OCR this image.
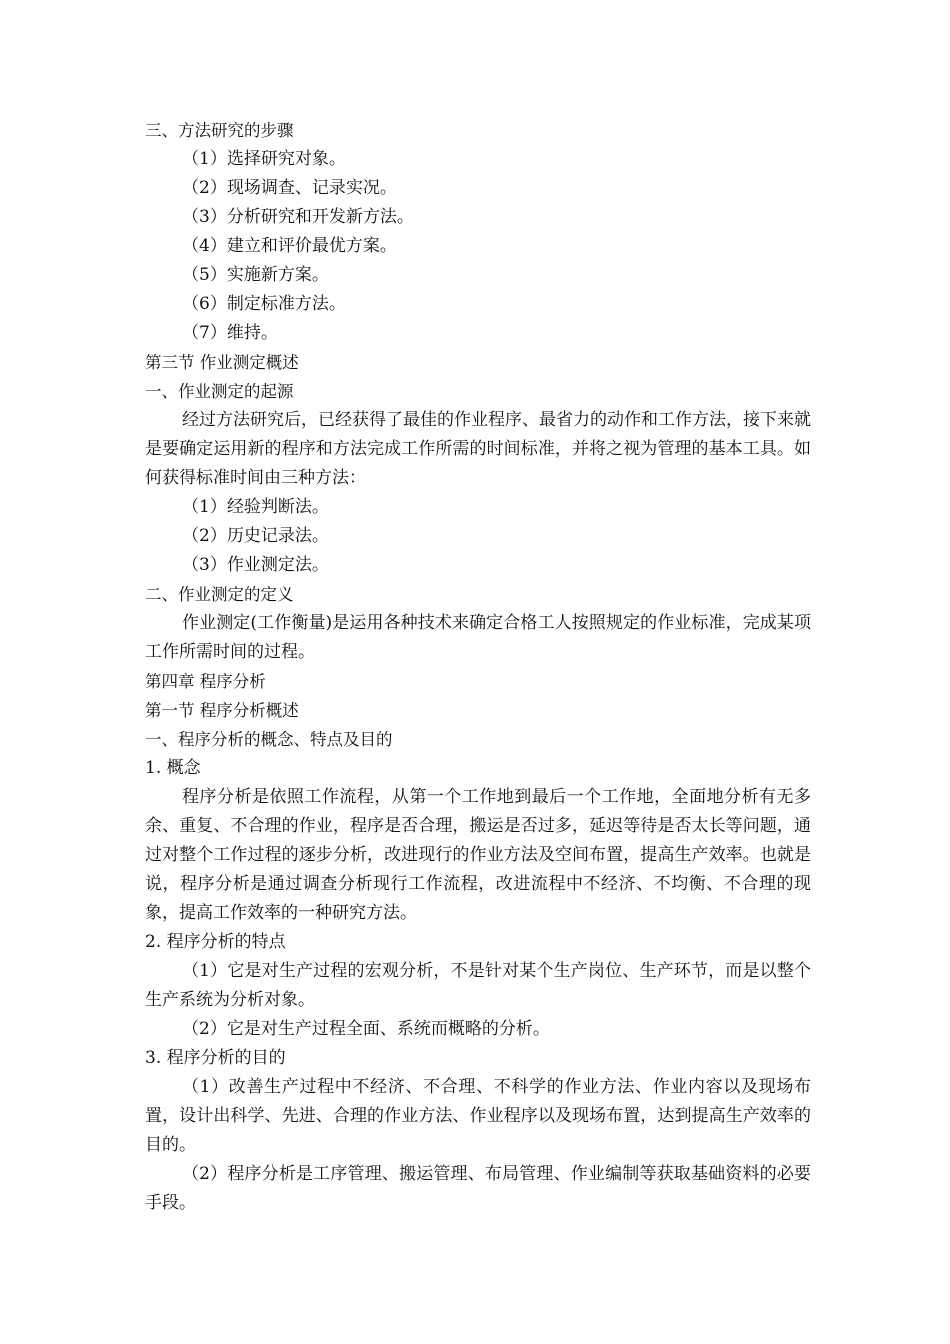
三、方法研究的步骤
（1）选择研究对象。
（2）现场调查、记录实况。
（3）分析研究和开发新方法。
（4）建立和评价最优方案。
（5）实施新方案。
（6）制定标准方法。
（7）维持。
第三节 作业测定概述
一、作业测定的起源
经过方法研究后，已经获得了最佳的作业程序、最省力的动作和工作方法，接下来就是要确定运用新的程序和方法完成工作所需的时间标准，并将之视为管理的基本工具。如何获得标准时间由三种方法：
（1）经验判断法。
（2）历史记录法。
（3）作业测定法。
二、作业测定的定义
作业测定(工作衡量)是运用各种技术来确定合格工人按照规定的作业标准，完成某项工作所需时间的过程。
第四章 程序分析
第一节 程序分析概述
一、程序分析的概念、特点及目的
1. 概念
程序分析是依照工作流程，从第一个工作地到最后一个工作地，全面地分析有无多余、重复、不合理的作业，程序是否合理，搬运是否过多，延迟等待是否太长等问题，通过对整个工作过程的逐步分析，改进现行的作业方法及空间布置，提高生产效率。也就是说，程序分析是通过调查分析现行工作流程，改进流程中不经济、不均衡、不合理的现象，提高工作效率的一种研究方法。
2. 程序分析的特点
（1）它是对生产过程的宏观分析，不是针对某个生产岗位、生产环节，而是以整个生产系统为分析对象。
（2）它是对生产过程全面、系统而概略的分析。
3. 程序分析的目的
（1）改善生产过程中不经济、不合理、不科学的作业方法、作业内容以及现场布置，设计出科学、先进、合理的作业方法、作业程序以及现场布置，达到提高生产效率的目的。
（2）程序分析是工序管理、搬运管理、布局管理、作业编制等获取基础资料的必要手段。
